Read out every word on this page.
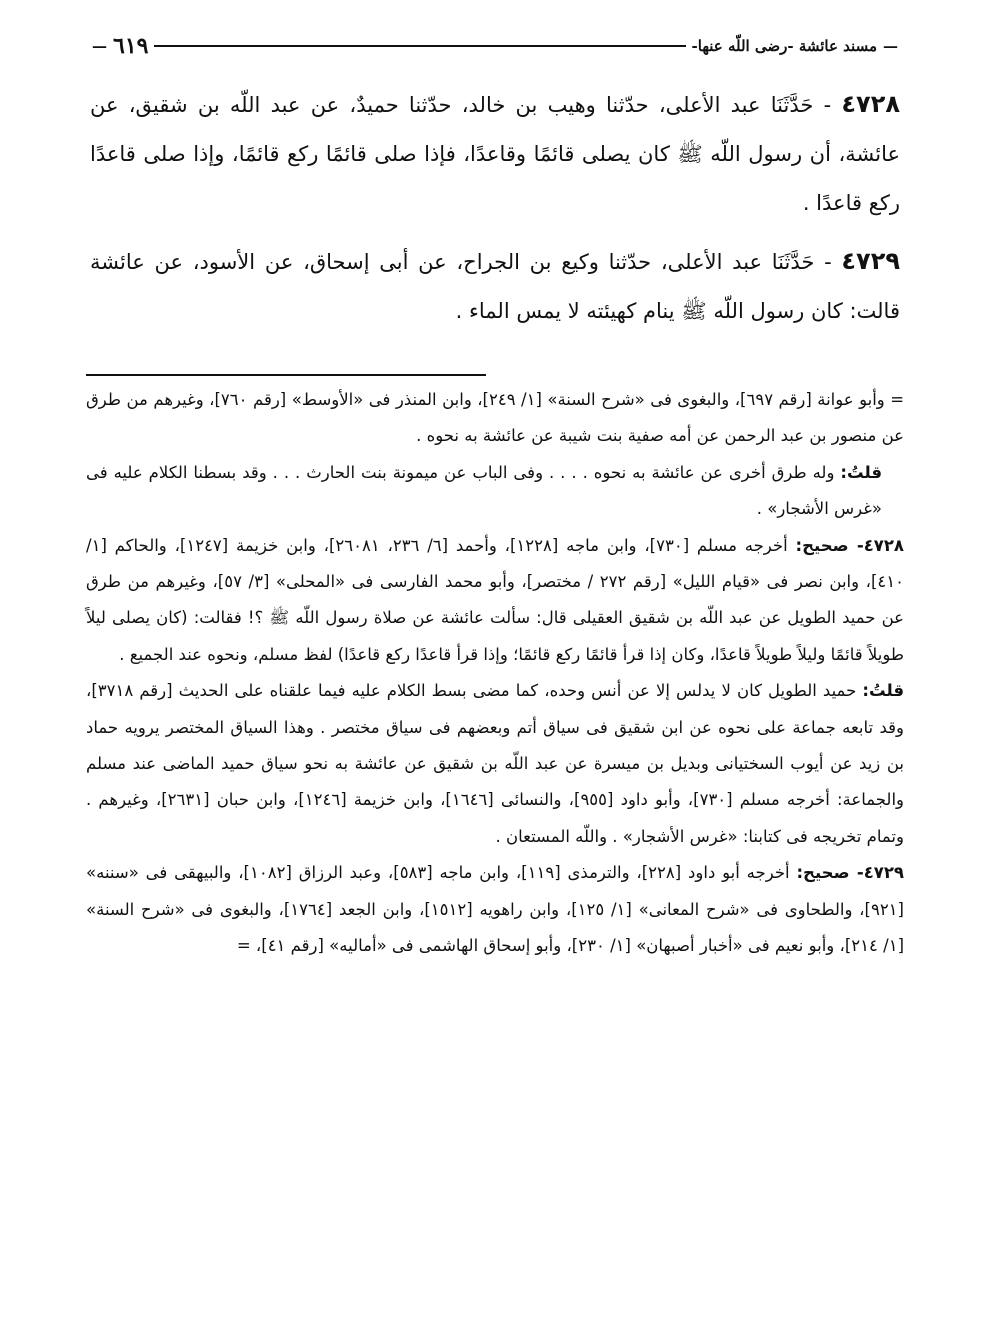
—
مسند عائشة -رضى اللّه عنها-
٦١٩
—

٤٧٢٨ - حَدَّثَنَا عبد الأعلى، حدّثنا وهيب بن خالد، حدّثنا حميدٌ، عن عبد اللّه بن شقيق، عن عائشة، أن رسول اللّه ﷺ كان يصلى قائمًا وقاعدًا، فإذا صلى قائمًا ركع قائمًا، وإذا صلى قاعدًا ركع قاعدًا .

٤٧٢٩ - حَدَّثَنَا عبد الأعلى، حدّثنا وكيع بن الجراح، عن أبى إسحاق، عن الأسود، عن عائشة قالت: كان رسول اللّه ﷺ ينام كهيئته لا يمس الماء .

= وأبو عوانة [رقم ٦٩٧]، والبغوى فى «شرح السنة» [١/ ٢٤٩]، وابن المنذر فى «الأوسط» [رقم ٧٦٠]، وغيرهم من طرق عن منصور بن عبد الرحمن عن أمه صفية بنت شيبة عن عائشة به نحوه .

قلتُ: وله طرق أخرى عن عائشة به نحوه . . . . وفى الباب عن ميمونة بنت الحارث . . . وقد بسطنا الكلام عليه فى «غرس الأشجار» .

٤٧٢٨- صحيح: أخرجه مسلم [٧٣٠]، وابن ماجه [١٢٢٨]، وأحمد [٦/ ٢٣٦، ٢٦٠٨١]، وابن خزيمة [١٢٤٧]، والحاكم [١/ ٤١٠]، وابن نصر فى «قيام الليل» [رقم ٢٧٢ / مختصر]، وأبو محمد الفارسى فى «المحلى» [٣/ ٥٧]، وغيرهم من طرق عن حميد الطويل عن عبد اللّه بن شقيق العقيلى قال: سألت عائشة عن صلاة رسول اللّه ﷺ ؟! فقالت: (كان يصلى ليلاً طويلاً قائمًا وليلاً طويلاً قاعدًا، وكان إذا قرأ قائمًا ركع قائمًا؛ وإذا قرأ قاعدًا ركع قاعدًا) لفظ مسلم، ونحوه عند الجميع .

قلتُ: حميد الطويل كان لا يدلس إلا عن أنس وحده، كما مضى بسط الكلام عليه فيما علقناه على الحديث [رقم ٣٧١٨]، وقد تابعه جماعة على نحوه عن ابن شقيق فى سياق أتم وبعضهم فى سياق مختصر . وهذا السياق المختصر يرويه حماد بن زيد عن أيوب السختيانى وبديل بن ميسرة عن عبد اللّه بن شقيق عن عائشة به نحو سياق حميد الماضى عند مسلم والجماعة: أخرجه مسلم [٧٣٠]، وأبو داود [٩٥٥]، والنسائى [١٦٤٦]، وابن خزيمة [١٢٤٦]، وابن حبان [٢٦٣١]، وغيرهم . وتمام تخريجه فى كتابنا: «غرس الأشجار» . واللّه المستعان .

٤٧٢٩- صحيح: أخرجه أبو داود [٢٢٨]، والترمذى [١١٩]، وابن ماجه [٥٨٣]، وعبد الرزاق [١٠٨٢]، والبيهقى فى «سننه» [٩٢١]، والطحاوى فى «شرح المعانى» [١/ ١٢٥]، وابن راهويه [١٥١٢]، وابن الجعد [١٧٦٤]، والبغوى فى «شرح السنة» [١/ ٢١٤]، وأبو نعيم فى «أخبار أصبهان» [١/ ٢٣٠]، وأبو إسحاق الهاشمى فى «أماليه» [رقم ٤١]، =
